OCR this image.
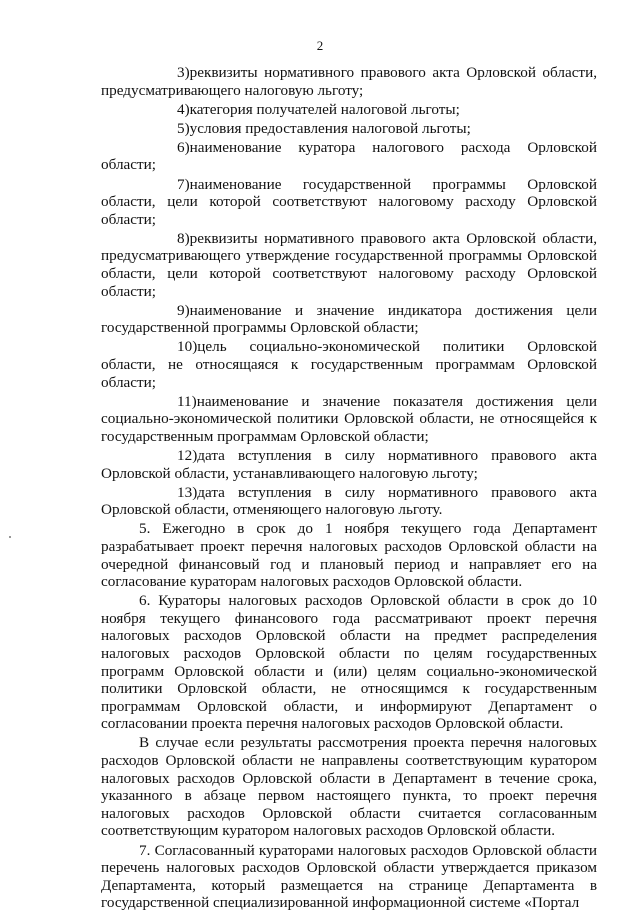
2

3)реквизиты нормативного правового акта Орловской области, предусматривающего налоговую льготу;

4)категория получателей налоговой льготы;

5)условия предоставления налоговой льготы;

6)наименование куратора налогового расхода Орловской области;

7)наименование государственной программы Орловской области, цели которой соответствуют налоговому расходу Орловской области;

8)реквизиты нормативного правового акта Орловской области, предусматривающего утверждение государственной программы Орловской области, цели которой соответствуют налоговому расходу Орловской области;

9)наименование и значение индикатора достижения цели государственной программы Орловской области;

10)цель социально-экономической политики Орловской области, не относящаяся к государственным программам Орловской области;

11)наименование и значение показателя достижения цели социально-экономической политики Орловской области, не относящейся к государственным программам Орловской области;

12)дата вступления в силу нормативного правового акта Орловской области, устанавливающего налоговую льготу;

13)дата вступления в силу нормативного правового акта Орловской области, отменяющего налоговую льготу.

5. Ежегодно в срок до 1 ноября текущего года Департамент разрабатывает проект перечня налоговых расходов Орловской области на очередной финансовый год и плановый период и направляет его на согласование кураторам налоговых расходов Орловской области.

6. Кураторы налоговых расходов Орловской области в срок до 10 ноября текущего финансового года рассматривают проект перечня налоговых расходов Орловской области на предмет распределения налоговых расходов Орловской области по целям государственных программ Орловской области и (или) целям социально-экономической политики Орловской области, не относящимся к государственным программам Орловской области, и информируют Департамент о согласовании проекта перечня налоговых расходов Орловской области.

В случае если результаты рассмотрения проекта перечня налоговых расходов Орловской области не направлены соответствующим куратором налоговых расходов Орловской области в Департамент в течение срока, указанного в абзаце первом настоящего пункта, то проект перечня налоговых расходов Орловской области считается согласованным соответствующим куратором налоговых расходов Орловской области.

7. Согласованный кураторами налоговых расходов Орловской области перечень налоговых расходов Орловской области утверждается приказом Департамента, который размещается на странице Департамента в государственной специализированной информационной системе «Портал
